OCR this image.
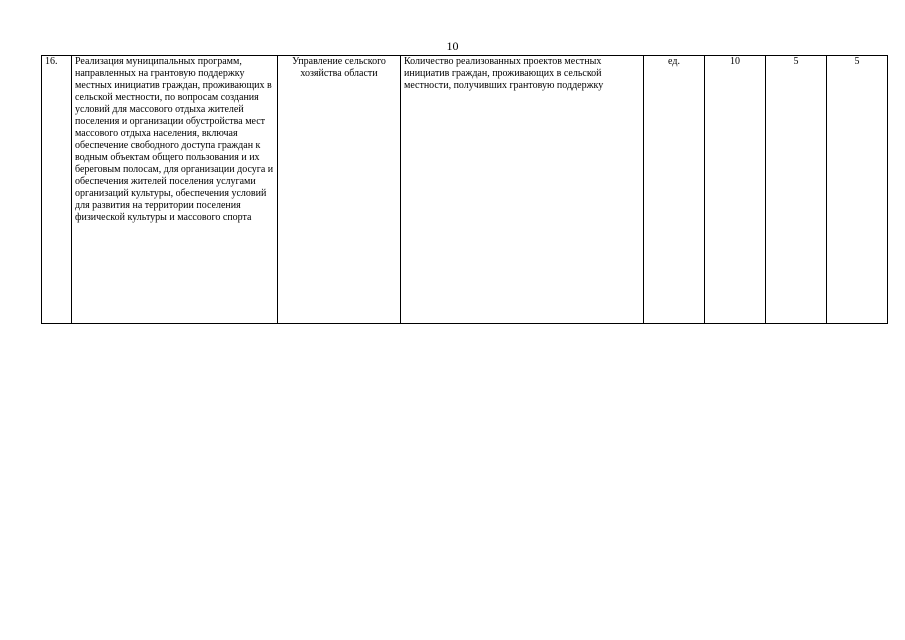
10
16.	Реализация муниципальных программ, направленных на грантовую поддержку местных инициатив граждан, проживающих в сельской местности, по вопросам создания условий для массового отдыха жителей поселения и организации обустройства мест массового отдыха населения, включая обеспечение свободного доступа граждан к водным объектам общего пользования и их береговым полосам, для организации досуга и обеспечения жителей поселения услугами организаций культуры, обеспечения условий для развития на территории поселения физической культуры и массового спорта	Управление сельского хозяйства области	Количество реализованных проектов местных инициатив граждан, проживающих в сельской местности, получивших грантовую поддержку	ед.	10	5	5
